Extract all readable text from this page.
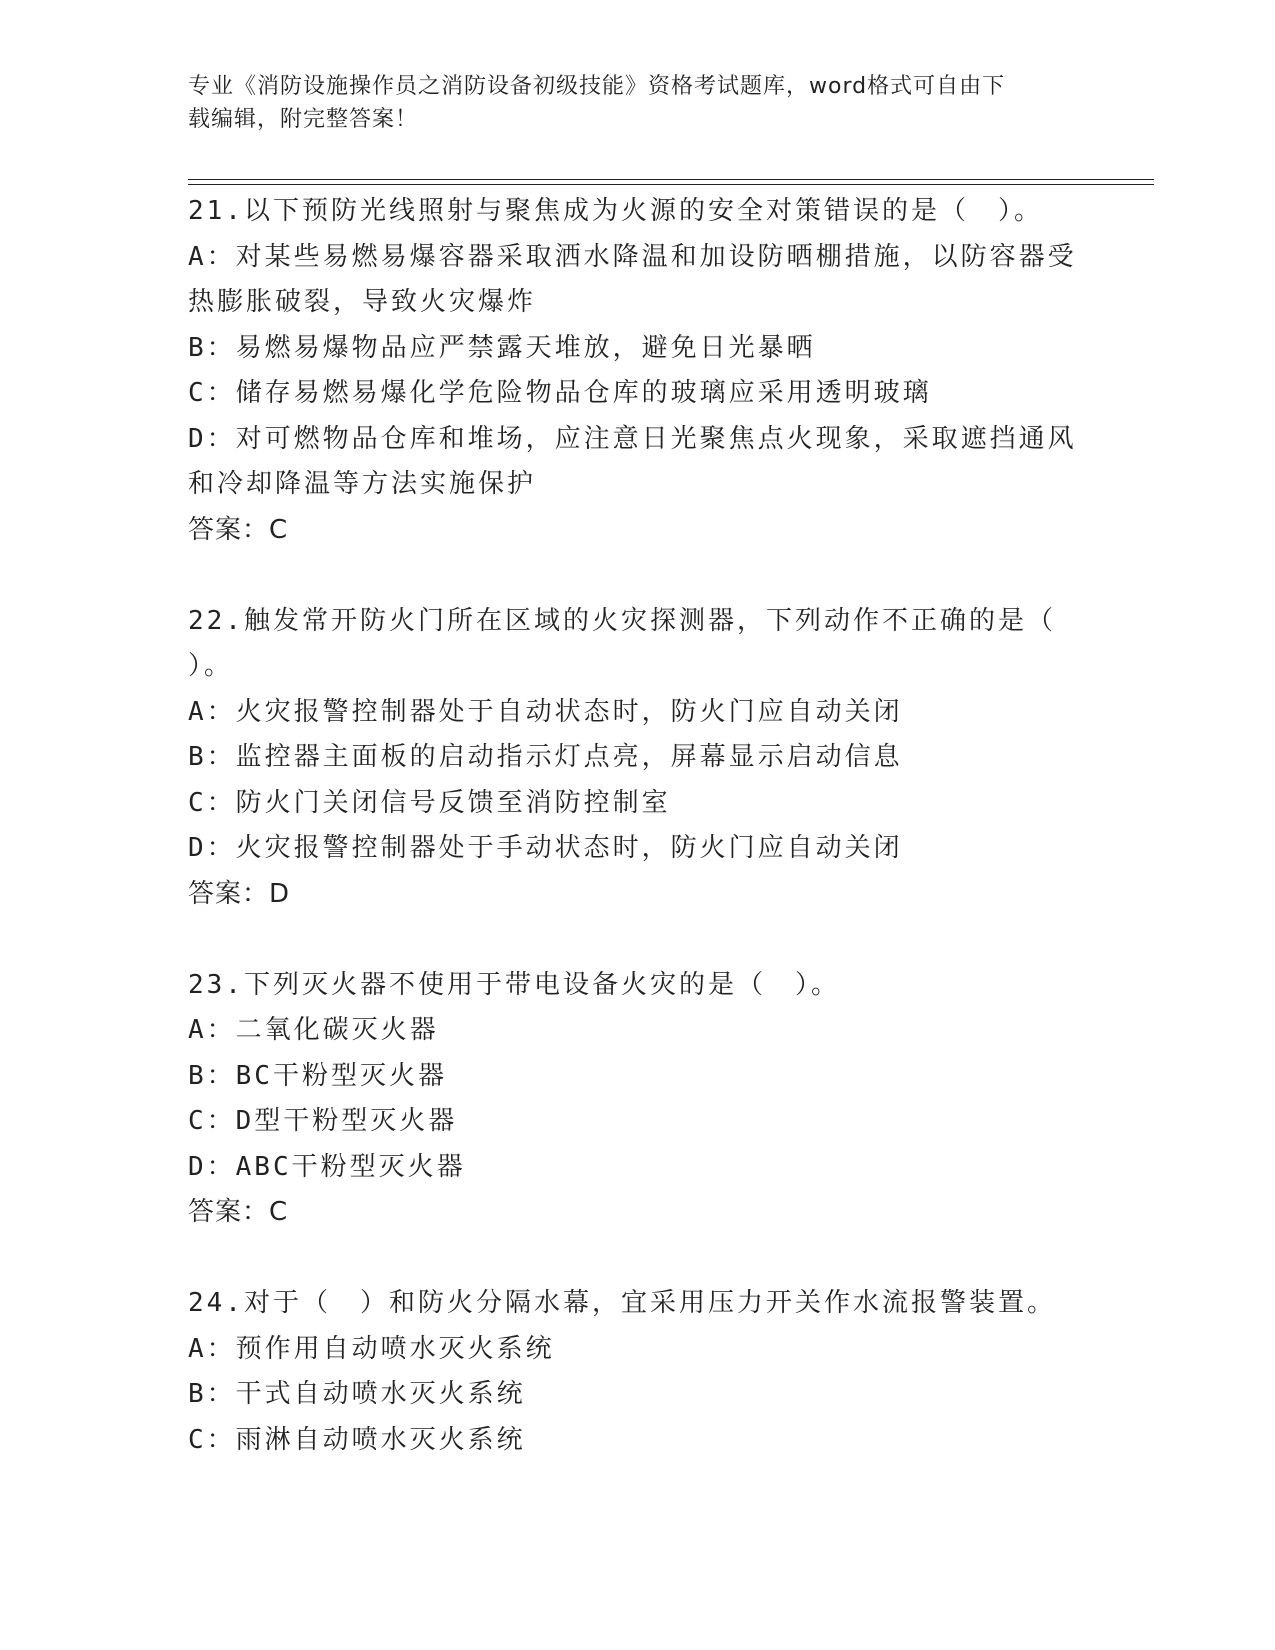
专业《消防设施操作员之消防设备初级技能》资格考试题库，word格式可自由下
载编辑，附完整答案！
21.以下预防光线照射与聚焦成为火源的安全对策错误的是（　）。
A：对某些易燃易爆容器采取洒水降温和加设防晒棚措施，以防容器受
热膨胀破裂，导致火灾爆炸
B：易燃易爆物品应严禁露天堆放，避免日光暴晒
C：储存易燃易爆化学危险物品仓库的玻璃应采用透明玻璃
D：对可燃物品仓库和堆场，应注意日光聚焦点火现象，采取遮挡通风
和冷却降温等方法实施保护
答案：C
22.触发常开防火门所在区域的火灾探测器，下列动作不正确的是（
）。
A：火灾报警控制器处于自动状态时，防火门应自动关闭
B：监控器主面板的启动指示灯点亮，屏幕显示启动信息
C：防火门关闭信号反馈至消防控制室
D：火灾报警控制器处于手动状态时，防火门应自动关闭
答案：D
23.下列灭火器不使用于带电设备火灾的是（　）。
A：二氧化碳灭火器
B：BC干粉型灭火器
C：D型干粉型灭火器
D：ABC干粉型灭火器
答案：C
24.对于（　）和防火分隔水幕，宜采用压力开关作水流报警装置。
A：预作用自动喷水灭火系统
B：干式自动喷水灭火系统
C：雨淋自动喷水灭火系统
